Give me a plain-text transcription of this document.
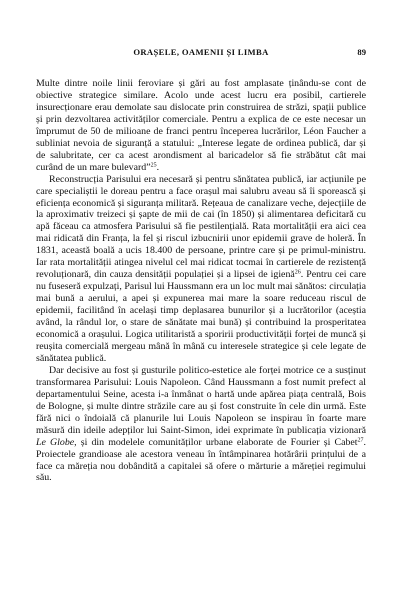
ORAȘELE, OAMENII ȘI LIMBA	89

Multe dintre noile linii feroviare și gări au fost amplasate ținându-se cont de obiective strategice similare. Acolo unde acest lucru era posibil, cartierele insurecționare erau demolate sau dislocate prin construirea de străzi, spații publice și prin dezvoltarea activităților comerciale. Pentru a explica de ce este necesar un împrumut de 50 de milioane de franci pentru începerea lucrărilor, Léon Faucher a subliniat nevoia de siguranță a statului: „Interese legate de ordinea publică, dar și de salubritate, cer ca acest arondisment al baricadelor să fie străbătut cât mai curând de un mare bulevard”$^{25}$.

Reconstrucția Parisului era necesară și pentru sănătatea publică, iar acțiunile pe care specialiștii le doreau pentru a face orașul mai salubru aveau să îi sporească și eficiența economică și siguranța militară. Rețeaua de canalizare veche, dejecțiile de la aproximativ treizeci și șapte de mii de cai (în 1850) și alimentarea deficitară cu apă făceau ca atmosfera Parisului să fie pestilențială. Rata mortalității era aici cea mai ridicată din Franța, la fel și riscul izbucnirii unor epidemii grave de holeră. În 1831, această boală a ucis 18.400 de persoane, printre care și pe primul-ministru. Iar rata mortalității atingea nivelul cel mai ridicat tocmai în cartierele de rezistență revoluționară, din cauza densității populației și a lipsei de igienă$^{26}$. Pentru cei care nu fuseseră expulzați, Parisul lui Haussmann era un loc mult mai sănătos: circulația mai bună a aerului, a apei și expunerea mai mare la soare reduceau riscul de epidemii, facilitând în același timp deplasarea bunurilor și a lucrătorilor (aceștia având, la rândul lor, o stare de sănătate mai bună) și contribuind la prosperitatea economică a orașului. Logica utilitaristă a sporirii productivității forței de muncă și reușita comercială mergeau mână în mână cu interesele strategice și cele legate de sănătatea publică.

Dar decisive au fost și gusturile politico-estetice ale forței motrice ce a susținut transformarea Parisului: Louis Napoleon. Când Haussmann a fost numit prefect al departamentului Seine, acesta i-a înmânat o hartă unde apărea piața centrală, Bois de Bologne, și multe dintre străzile care au și fost construite în cele din urmă. Este fără nici o îndoială că planurile lui Louis Napoleon se inspirau în foarte mare măsură din ideile adepților lui Saint-Simon, idei exprimate în publicația vizionară Le Globe, și din modelele comunităților urbane elaborate de Fourier și Cabet$^{27}$. Proiectele grandioase ale acestora veneau în întâmpinarea hotărârii prințului de a face ca măreția nou dobândită a capitalei să ofere o mărturie a măreției regimului său.
